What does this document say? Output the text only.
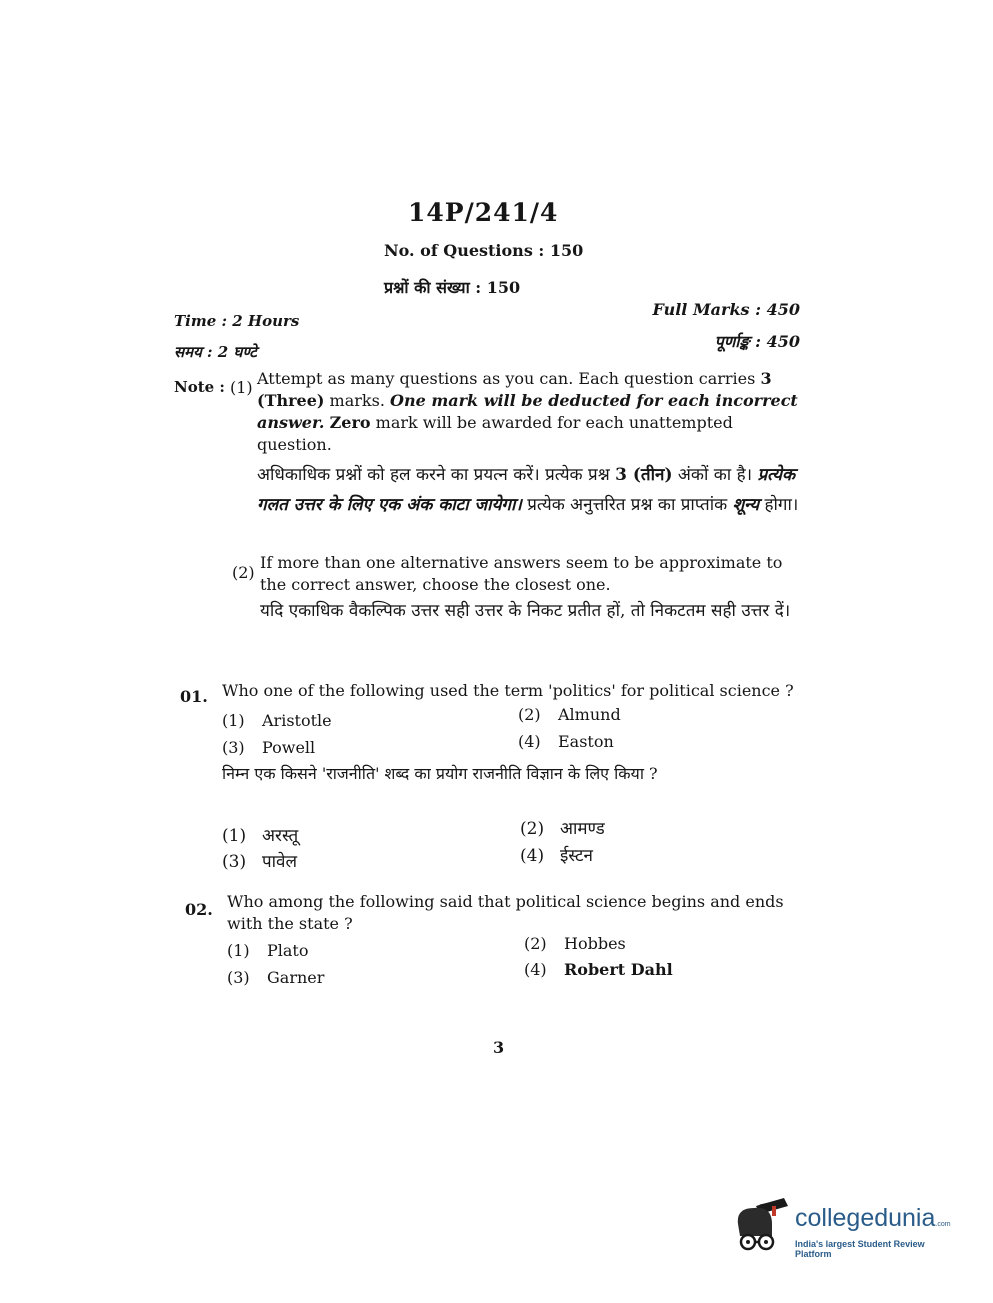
14P/241/4
No. of Questions : 150
प्रश्नों की संख्या : 150
Time : 2 Hours
समय : 2 घण्टे
Full Marks : 450
पूर्णाङ्क : 450
Note : (1) Attempt as many questions as you can. Each question carries 3 (Three) marks. One mark will be deducted for each incorrect answer. Zero mark will be awarded for each unattempted question.
अधिकाधिक प्रश्नों को हल करने का प्रयत्न करें। प्रत्येक प्रश्न 3 (तीन) अंकों का है। प्रत्येक गलत उत्तर के लिए एक अंक काटा जायेगा। प्रत्येक अनुत्तरित प्रश्न का प्राप्तांक शून्य होगा।
(2)
If more than one alternative answers seem to be approximate to the correct answer, choose the closest one.
यदि एकाधिक वैकल्पिक उत्तर सही उत्तर के निकट प्रतीत हों, तो निकटतम सही उत्तर दें।
01. Who one of the following used the term 'politics' for political science ?
(1) Aristotle	(2) Almund
(3) Powell	(4) Easton
निम्न एक किसने 'राजनीति' शब्द का प्रयोग राजनीति विज्ञान के लिए किया ?
(1) अरस्तू	(2) आमण्ड
(3) पावेल	(4) ईस्टन
02. Who among the following said that political science begins and ends with the state ?
(1) Plato	(2) Hobbes
(3) Garner	(4) Robert Dahl
3
collegedunia.com
India's largest Student Review Platform
